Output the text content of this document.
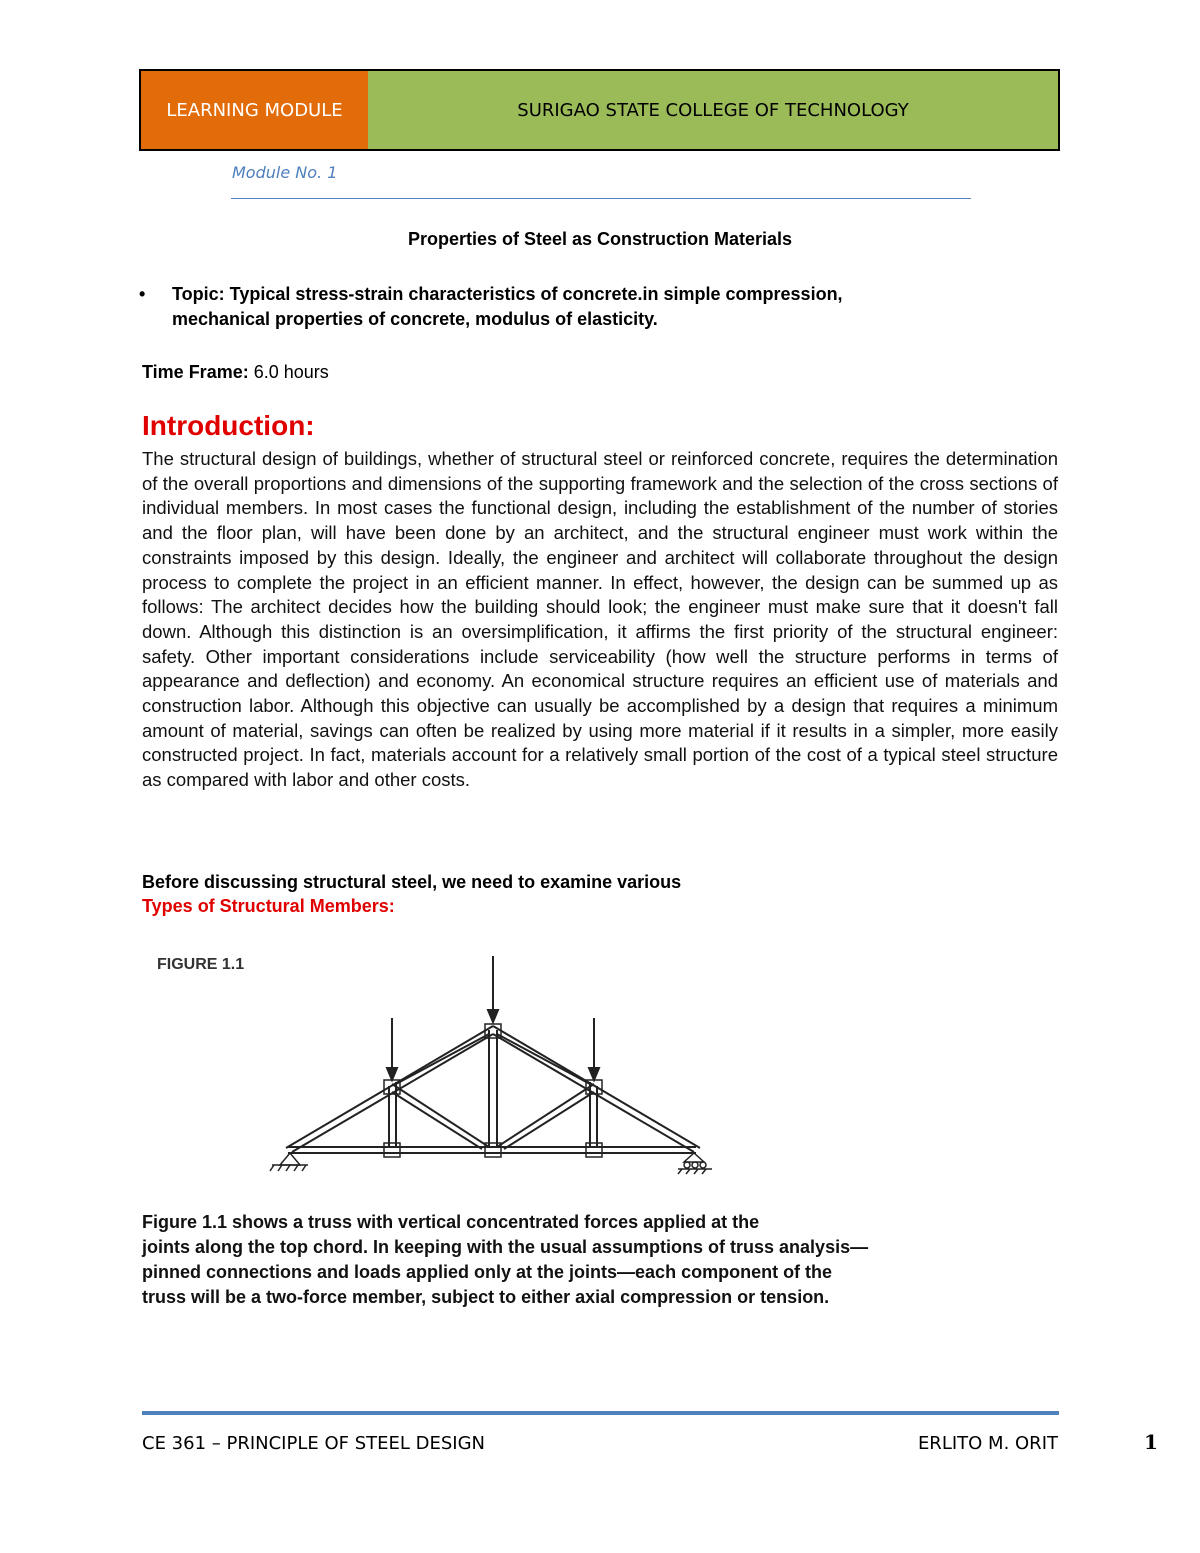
LEARNING MODULE	SURIGAO STATE COLLEGE OF TECHNOLOGY
Module No. 1
Properties of Steel as Construction Materials
• Topic: Typical stress-strain characteristics of concrete.in simple compression,
mechanical properties of concrete, modulus of elasticity.
Time Frame: 6.0 hours
Introduction:
The structural design of buildings, whether of structural steel or reinforced concrete, requires the determination of the overall proportions and dimensions of the supporting framework and the selection of the cross sections of individual members. In most cases the functional design, including the establishment of the number of stories and the floor plan, will have been done by an architect, and the structural engineer must work within the constraints imposed by this design. Ideally, the engineer and architect will collaborate throughout the design process to complete the project in an efficient manner. In effect, however, the design can be summed up as follows: The architect decides how the building should look; the engineer must make sure that it doesn't fall down. Although this distinction is an oversimplification, it affirms the first priority of the structural engineer: safety. Other important considerations include serviceability (how well the structure performs in terms of appearance and deflection) and economy. An economical structure requires an efficient use of materials and construction labor. Although this objective can usually be accomplished by a design that requires a minimum amount of material, savings can often be realized by using more material if it results in a simpler, more easily constructed project. In fact, materials account for a relatively small portion of the cost of a typical steel structure as compared with labor and other costs.
Before discussing structural steel, we need to examine various
Types of Structural Members:
FIGURE 1.1
Figure 1.1 shows a truss with vertical concentrated forces applied at the
joints along the top chord. In keeping with the usual assumptions of truss analysis—
pinned connections and loads applied only at the joints—each component of the
truss will be a two-force member, subject to either axial compression or tension.
CE 361 – PRINCIPLE OF STEEL DESIGN	ERLITO M. ORIT	1
